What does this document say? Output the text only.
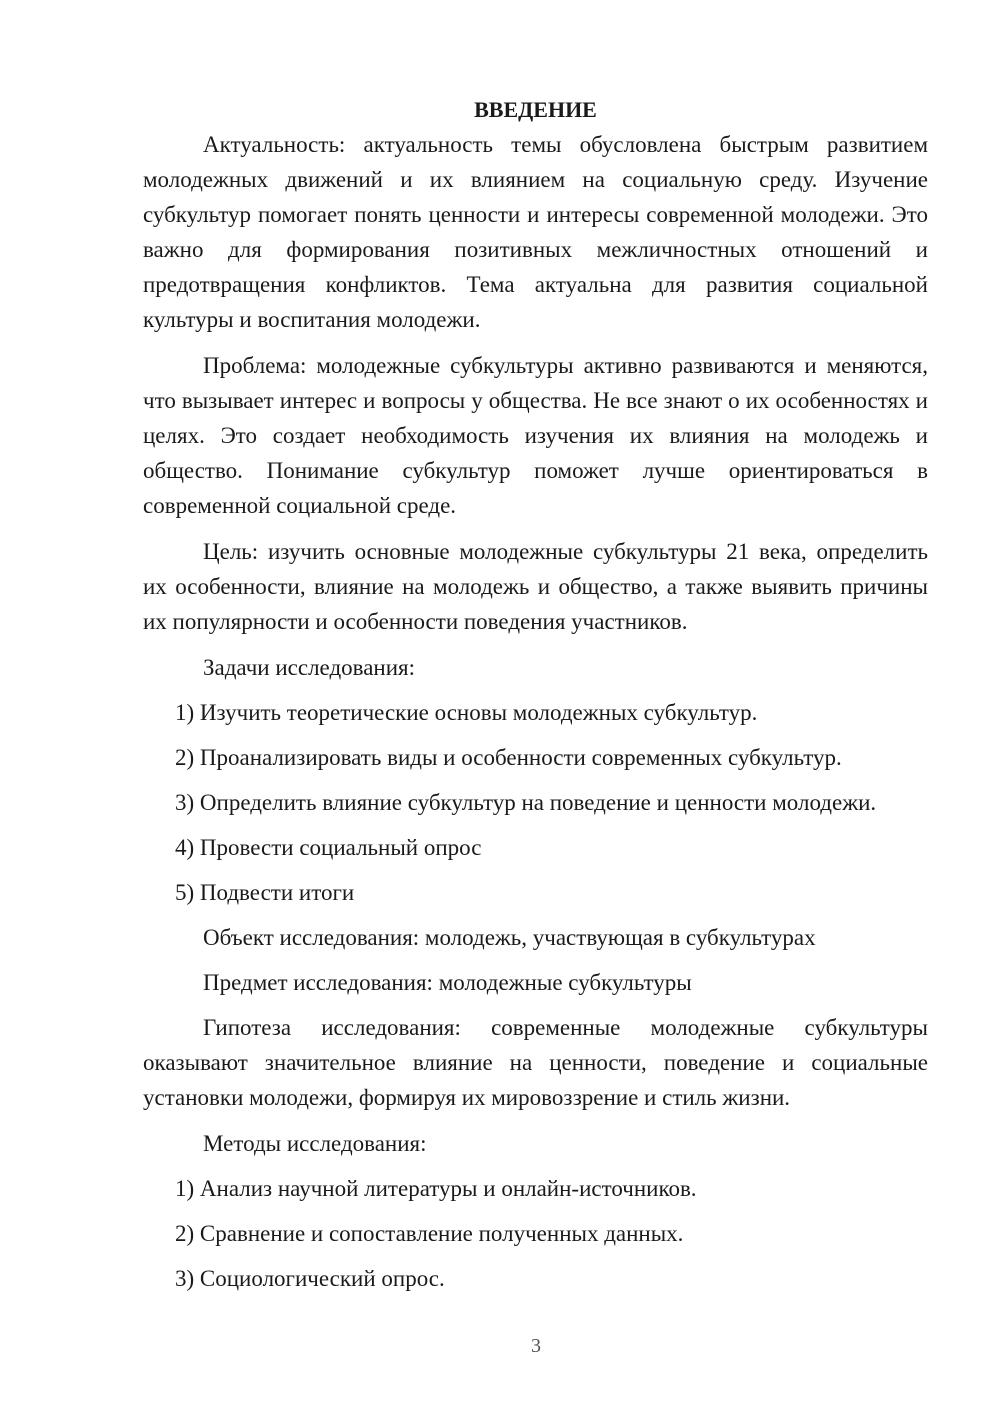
ВВЕДЕНИЕ

Актуальность: актуальность темы обусловлена быстрым развитием молодежных движений и их влиянием на социальную среду. Изучение субкультур помогает понять ценности и интересы современной молодежи. Это важно для формирования позитивных межличностных отношений и предотвращения конфликтов. Тема актуальна для развития социальной культуры и воспитания молодежи.

Проблема: молодежные субкультуры активно развиваются и меняются, что вызывает интерес и вопросы у общества. Не все знают о их особенностях и целях. Это создает необходимость изучения их влияния на молодежь и общество. Понимание субкультур поможет лучше ориентироваться в современной социальной среде.

Цель: изучить основные молодежные субкультуры 21 века, определить их особенности, влияние на молодежь и общество, а также выявить причины их популярности и особенности поведения участников.

Задачи исследования:
1) Изучить теоретические основы молодежных субкультур.
2) Проанализировать виды и особенности современных субкультур.
3) Определить влияние субкультур на поведение и ценности молодежи.
4) Провести социальный опрос
5) Подвести итоги
Объект исследования: молодежь, участвующая в субкультурах
Предмет исследования: молодежные субкультуры

Гипотеза исследования: современные молодежные субкультуры оказывают значительное влияние на ценности, поведение и социальные установки молодежи, формируя их мировоззрение и стиль жизни.

Методы исследования:
1) Анализ научной литературы и онлайн-источников.
2) Сравнение и сопоставление полученных данных.
3) Социологический опрос.
3
